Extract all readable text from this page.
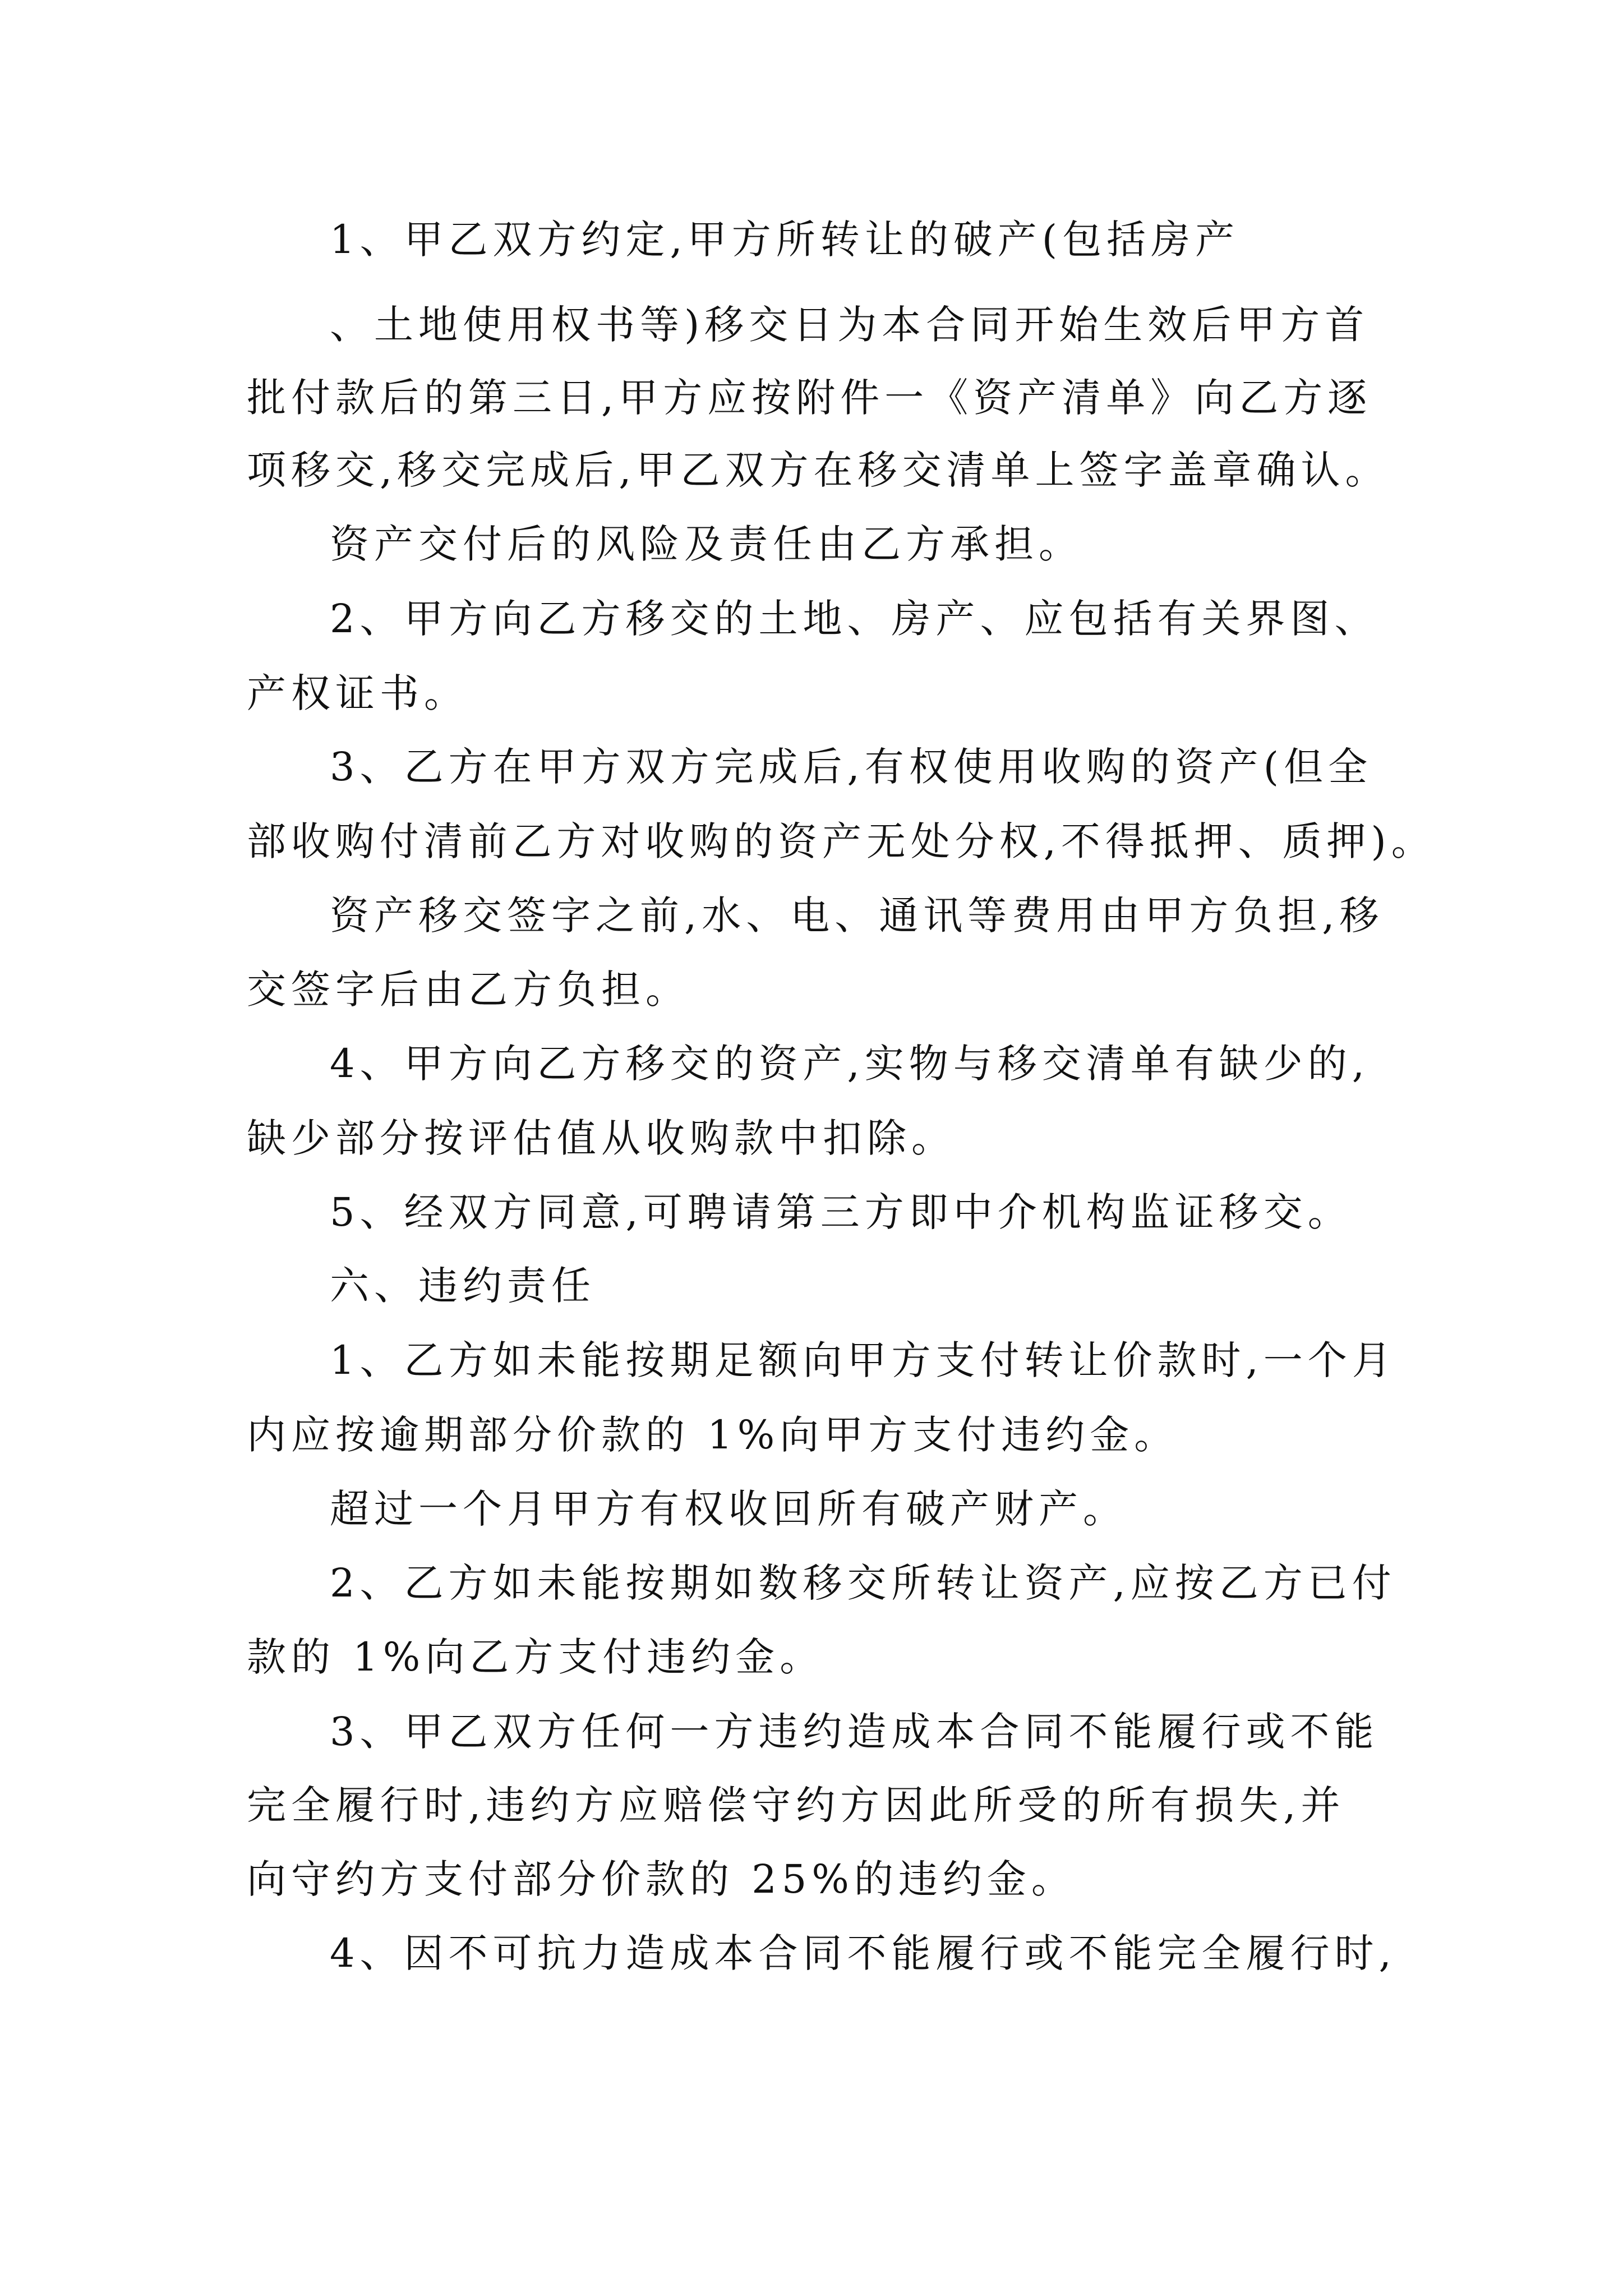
1、甲乙双方约定,甲方所转让的破产(包括房产
、土地使用权书等)移交日为本合同开始生效后甲方首
批付款后的第三日,甲方应按附件一《资产清单》向乙方逐
项移交,移交完成后,甲乙双方在移交清单上签字盖章确认。
资产交付后的风险及责任由乙方承担。
2、甲方向乙方移交的土地、房产、应包括有关界图、
产权证书。
3、乙方在甲方双方完成后,有权使用收购的资产(但全
部收购付清前乙方对收购的资产无处分权,不得抵押、质押)。
资产移交签字之前,水、电、通讯等费用由甲方负担,移
交签字后由乙方负担。
4、甲方向乙方移交的资产,实物与移交清单有缺少的,
缺少部分按评估值从收购款中扣除。
5、经双方同意,可聘请第三方即中介机构监证移交。
六、违约责任
1、乙方如未能按期足额向甲方支付转让价款时,一个月
内应按逾期部分价款的 1%向甲方支付违约金。
超过一个月甲方有权收回所有破产财产。
2、乙方如未能按期如数移交所转让资产,应按乙方已付
款的 1%向乙方支付违约金。
3、甲乙双方任何一方违约造成本合同不能履行或不能
完全履行时,违约方应赔偿守约方因此所受的所有损失,并
向守约方支付部分价款的 25%的违约金。
4、因不可抗力造成本合同不能履行或不能完全履行时,
